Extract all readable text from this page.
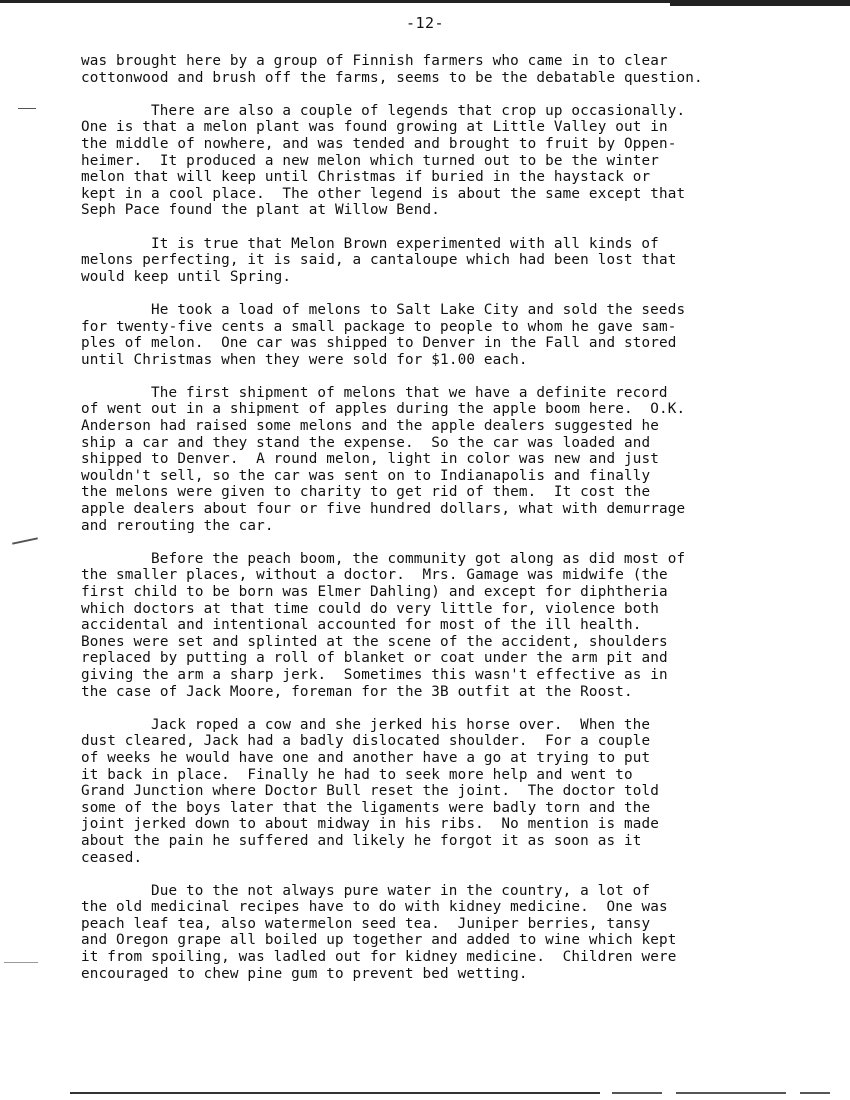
-12-
was brought here by a group of Finnish farmers who came in to clear
cottonwood and brush off the farms, seems to be the debatable question.
There are also a couple of legends that crop up occasionally.
One is that a melon plant was found growing at Little Valley out in
the middle of nowhere, and was tended and brought to fruit by Oppen-
heimer.  It produced a new melon which turned out to be the winter
melon that will keep until Christmas if buried in the haystack or
kept in a cool place.  The other legend is about the same except that
Seph Pace found the plant at Willow Bend.
It is true that Melon Brown experimented with all kinds of
melons perfecting, it is said, a cantaloupe which had been lost that
would keep until Spring.
He took a load of melons to Salt Lake City and sold the seeds
for twenty-five cents a small package to people to whom he gave sam-
ples of melon.  One car was shipped to Denver in the Fall and stored
until Christmas when they were sold for $1.00 each.
The first shipment of melons that we have a definite record
of went out in a shipment of apples during the apple boom here.  O.K.
Anderson had raised some melons and the apple dealers suggested he
ship a car and they stand the expense.  So the car was loaded and
shipped to Denver.  A round melon, light in color was new and just
wouldn't sell, so the car was sent on to Indianapolis and finally
the melons were given to charity to get rid of them.  It cost the
apple dealers about four or five hundred dollars, what with demurrage
and rerouting the car.
Before the peach boom, the community got along as did most of
the smaller places, without a doctor.  Mrs. Gamage was midwife (the
first child to be born was Elmer Dahling) and except for diphtheria
which doctors at that time could do very little for, violence both
accidental and intentional accounted for most of the ill health.
Bones were set and splinted at the scene of the accident, shoulders
replaced by putting a roll of blanket or coat under the arm pit and
giving the arm a sharp jerk.  Sometimes this wasn't effective as in
the case of Jack Moore, foreman for the 3B outfit at the Roost.
Jack roped a cow and she jerked his horse over.  When the
dust cleared, Jack had a badly dislocated shoulder.  For a couple
of weeks he would have one and another have a go at trying to put
it back in place.  Finally he had to seek more help and went to
Grand Junction where Doctor Bull reset the joint.  The doctor told
some of the boys later that the ligaments were badly torn and the
joint jerked down to about midway in his ribs.  No mention is made
about the pain he suffered and likely he forgot it as soon as it
ceased.
Due to the not always pure water in the country, a lot of
the old medicinal recipes have to do with kidney medicine.  One was
peach leaf tea, also watermelon seed tea.  Juniper berries, tansy
and Oregon grape all boiled up together and added to wine which kept
it from spoiling, was ladled out for kidney medicine.  Children were
encouraged to chew pine gum to prevent bed wetting.
